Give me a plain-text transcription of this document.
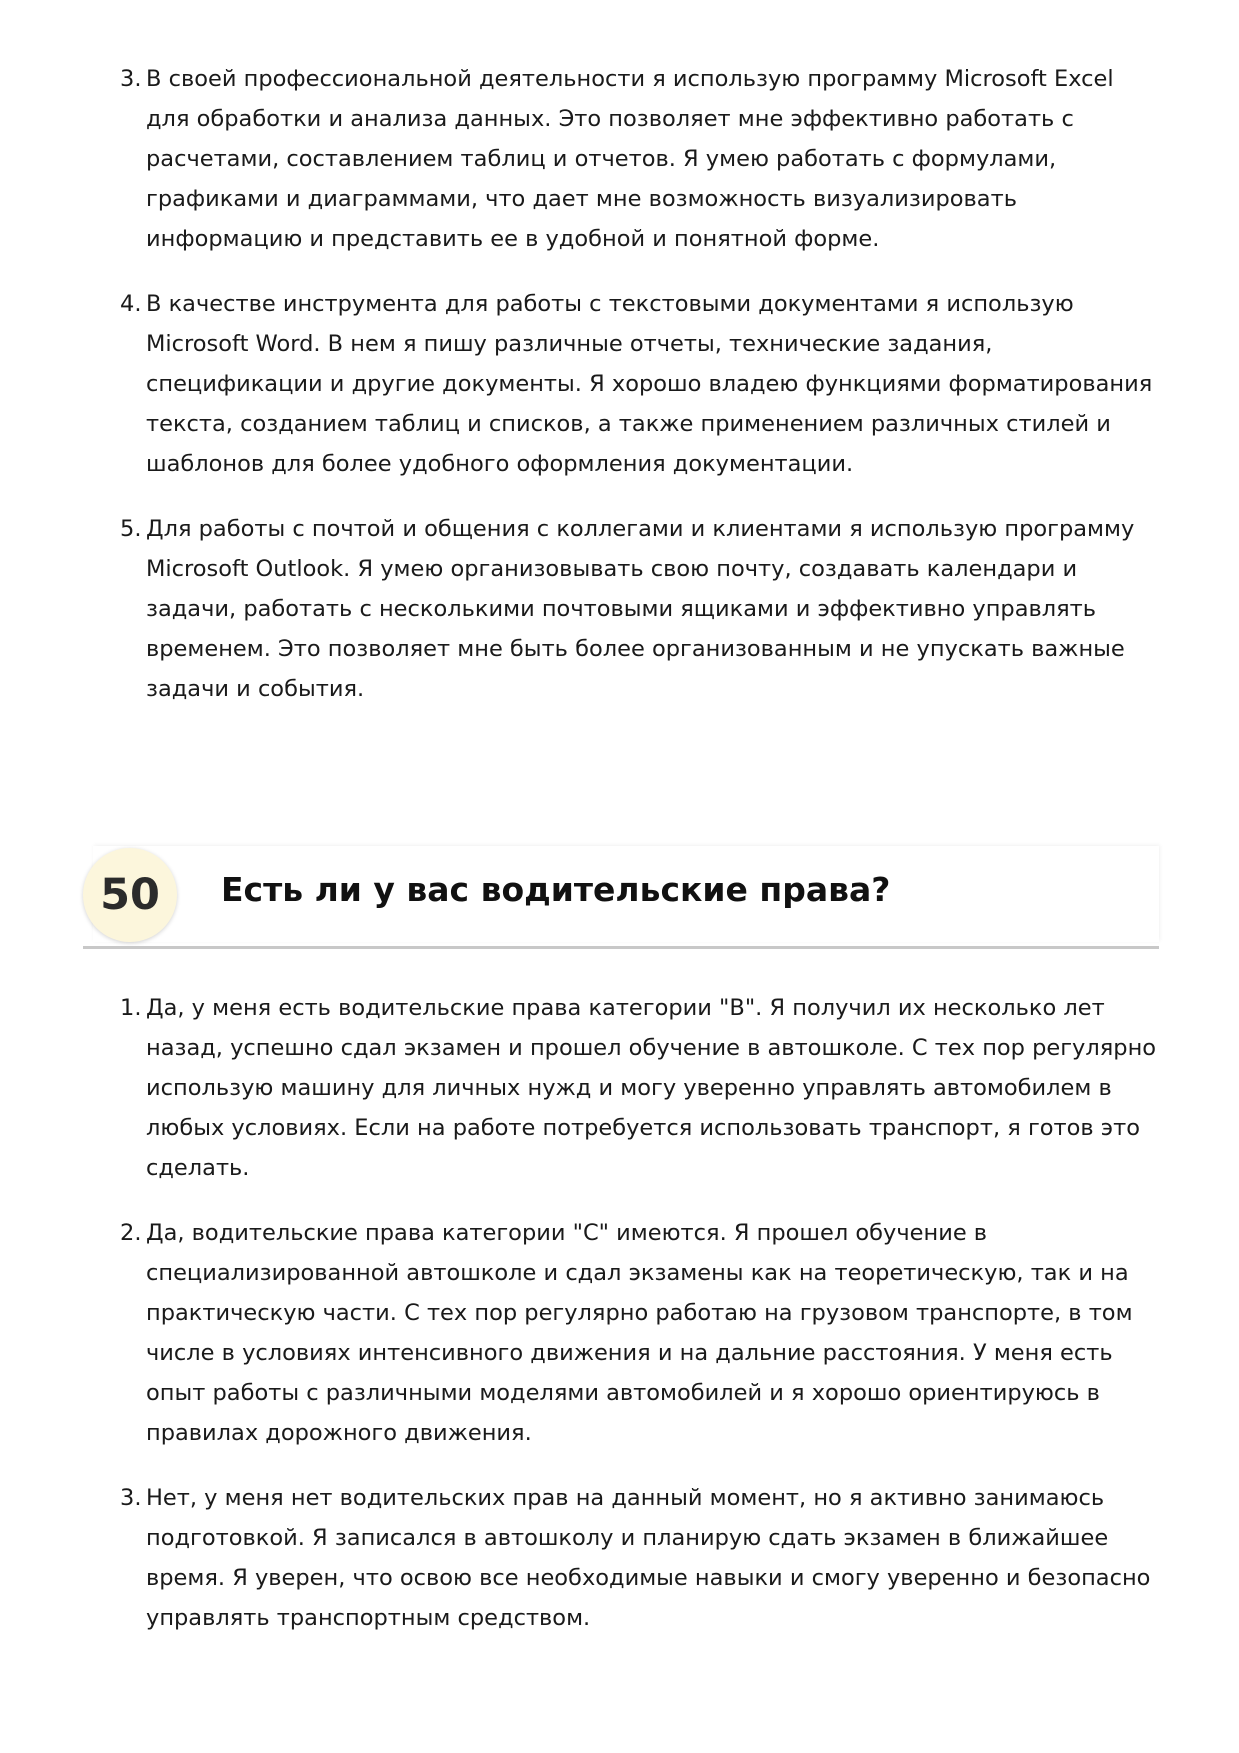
3. В своей профессиональной деятельности я использую программу Microsoft Excel для обработки и анализа данных. Это позволяет мне эффективно работать с расчетами, составлением таблиц и отчетов. Я умею работать с формулами, графиками и диаграммами, что дает мне возможность визуализировать информацию и представить ее в удобной и понятной форме.
4. В качестве инструмента для работы с текстовыми документами я использую Microsoft Word. В нем я пишу различные отчеты, технические задания, спецификации и другие документы. Я хорошо владею функциями форматирования текста, созданием таблиц и списков, а также применением различных стилей и шаблонов для более удобного оформления документации.
5. Для работы с почтой и общения с коллегами и клиентами я использую программу Microsoft Outlook. Я умею организовывать свою почту, создавать календари и задачи, работать с несколькими почтовыми ящиками и эффективно управлять временем. Это позволяет мне быть более организованным и не упускать важные задачи и события.
50	Есть ли у вас водительские права?
1. Да, у меня есть водительские права категории "B". Я получил их несколько лет назад, успешно сдал экзамен и прошел обучение в автошколе. С тех пор регулярно использую машину для личных нужд и могу уверенно управлять автомобилем в любых условиях. Если на работе потребуется использовать транспорт, я готов это сделать.
2. Да, водительские права категории "C" имеются. Я прошел обучение в специализированной автошколе и сдал экзамены как на теоретическую, так и на практическую части. С тех пор регулярно работаю на грузовом транспорте, в том числе в условиях интенсивного движения и на дальние расстояния. У меня есть опыт работы с различными моделями автомобилей и я хорошо ориентируюсь в правилах дорожного движения.
3. Нет, у меня нет водительских прав на данный момент, но я активно занимаюсь подготовкой. Я записался в автошколу и планирую сдать экзамен в ближайшее время. Я уверен, что освою все необходимые навыки и смогу уверенно и безопасно управлять транспортным средством.
